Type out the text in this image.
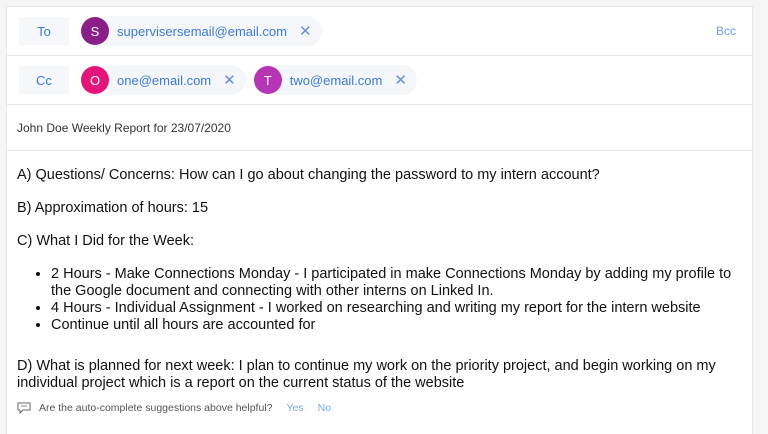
To	S	supervisersemail@email.com ✕	Bcc
Cc	O	one@email.com ✕	T	two@email.com ✕
John Doe Weekly Report for 23/07/2020

A) Questions/ Concerns: How can I go about changing the password to my intern account?

B) Approximation of hours: 15

C) What I Did for the Week:

• 2 Hours - Make Connections Monday - I participated in make Connections Monday by adding my profile to the Google document and connecting with other interns on Linked In.
• 4 Hours - Individual Assignment - I worked on researching and writing my report for the intern website
• Continue until all hours are accounted for

D) What is planned for next week: I plan to continue my work on the priority project, and begin working on my individual project which is a report on the current status of the website

Are the auto-complete suggestions above helpful? Yes No
